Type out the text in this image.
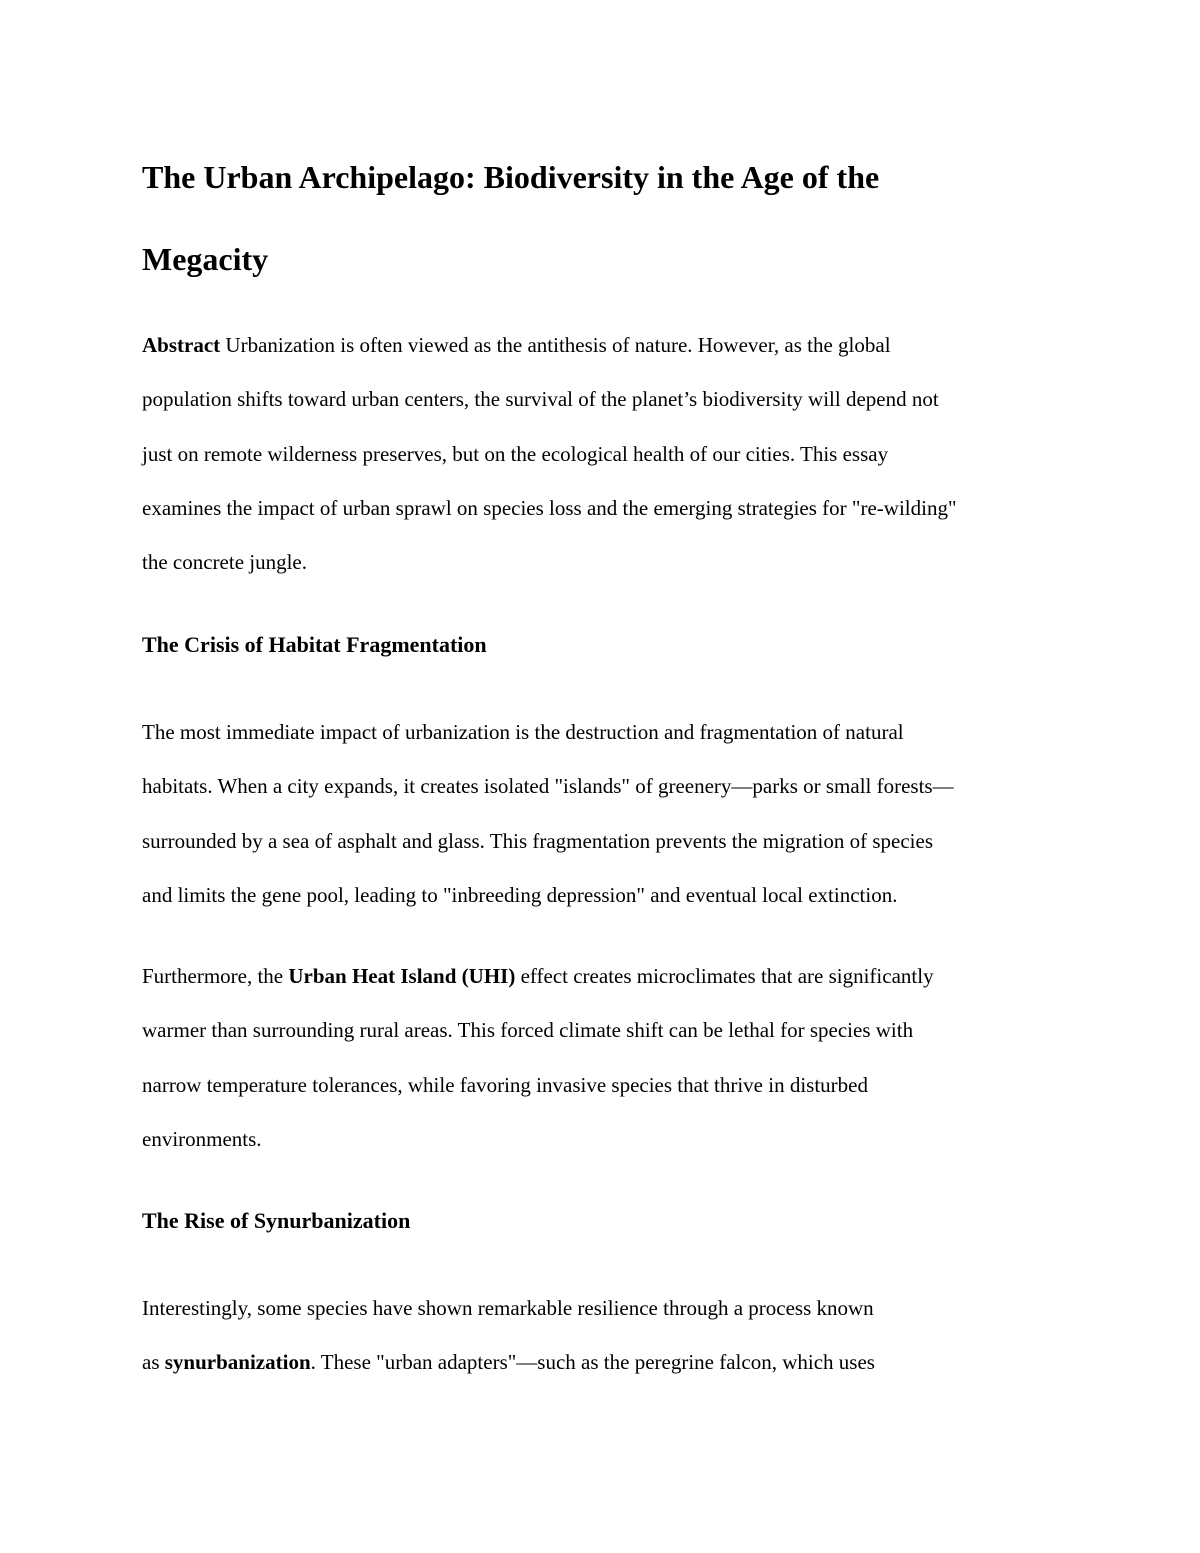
The Urban Archipelago: Biodiversity in the Age of the
Megacity

Abstract Urbanization is often viewed as the antithesis of nature. However, as the global
population shifts toward urban centers, the survival of the planet’s biodiversity will depend not
just on remote wilderness preserves, but on the ecological health of our cities. This essay
examines the impact of urban sprawl on species loss and the emerging strategies for "re-wilding"
the concrete jungle.

The Crisis of Habitat Fragmentation

The most immediate impact of urbanization is the destruction and fragmentation of natural
habitats. When a city expands, it creates isolated "islands" of greenery—parks or small forests—
surrounded by a sea of asphalt and glass. This fragmentation prevents the migration of species
and limits the gene pool, leading to "inbreeding depression" and eventual local extinction.

Furthermore, the Urban Heat Island (UHI) effect creates microclimates that are significantly
warmer than surrounding rural areas. This forced climate shift can be lethal for species with
narrow temperature tolerances, while favoring invasive species that thrive in disturbed
environments.

The Rise of Synurbanization

Interestingly, some species have shown remarkable resilience through a process known
as synurbanization. These "urban adapters"—such as the peregrine falcon, which uses
